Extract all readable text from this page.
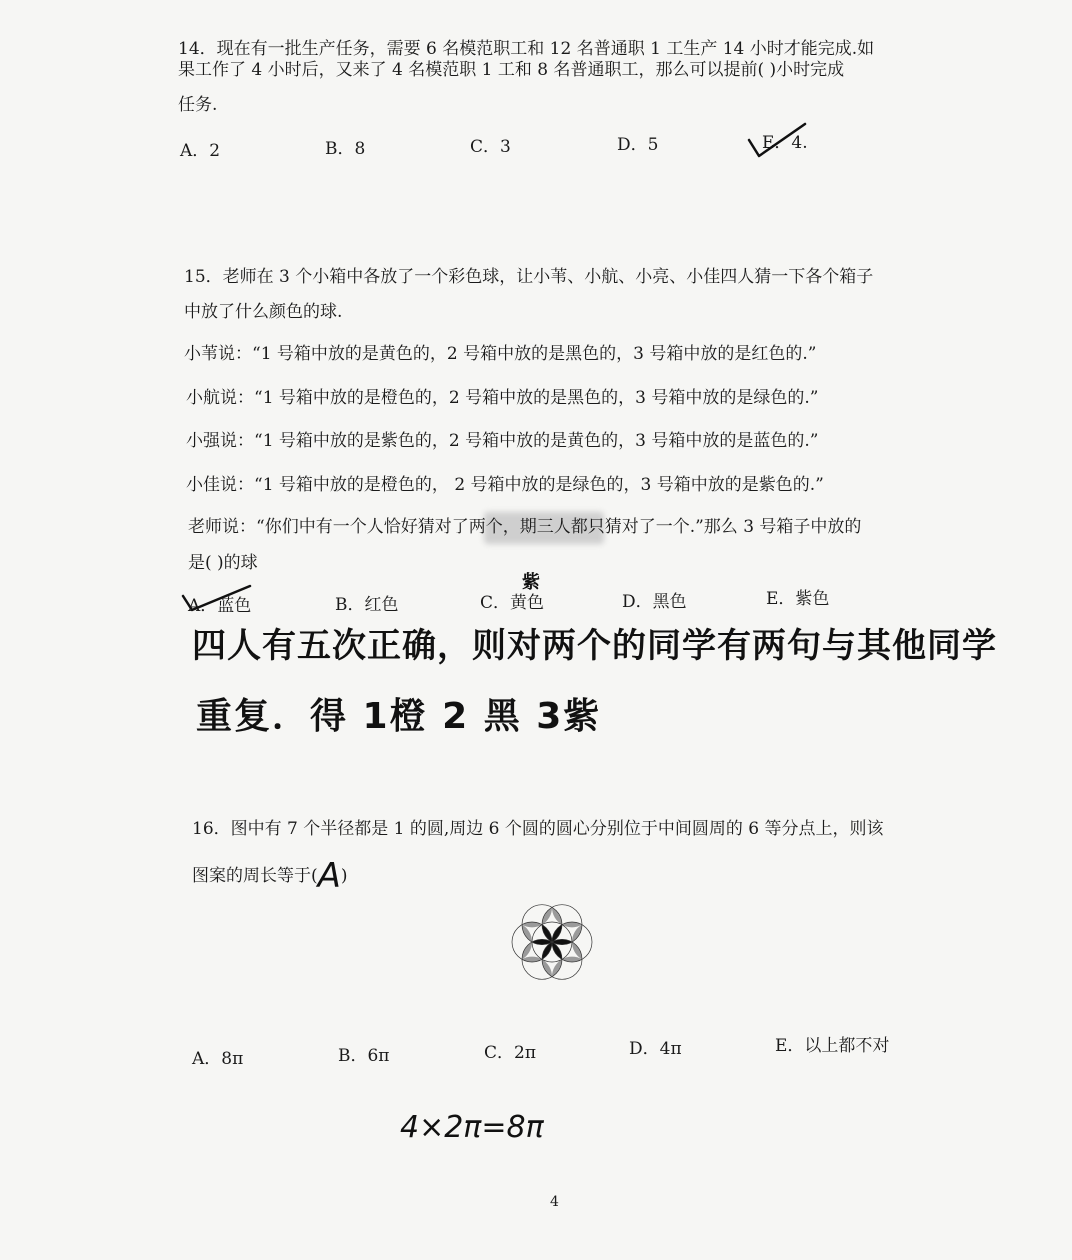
14．现在有一批生产任务，需要 6 名模范职工和 12 名普通职 1 工生产 14 小时才能完成.如
果工作了 4 小时后，又来了 4 名模范职 1 工和 8 名普通职工，那么可以提前( )小时完成
任务.
A．2	B．8	C．3	D．5	E．4.
15．老师在 3 个小箱中各放了一个彩色球，让小苇、小航、小亮、小佳四人猜一下各个箱子
中放了什么颜色的球.
小苇说：“1 号箱中放的是黄色的，2 号箱中放的是黑色的，3 号箱中放的是红色的.”
小航说：“1 号箱中放的是橙色的，2 号箱中放的是黑色的，3 号箱中放的是绿色的.”
小强说：“1 号箱中放的是紫色的，2 号箱中放的是黄色的，3 号箱中放的是蓝色的.”
小佳说：“1 号箱中放的是橙色的， 2 号箱中放的是绿色的，3 号箱中放的是紫色的.”
老师说：“你们中有一个人恰好猜对了两个，期三人都只猜对了一个.”那么 3 号箱子中放的
是( )的球
A．蓝色	B．红色	C．黄色
紫
D．黑色	E．紫色
四人有五次正确，则对两个的同学有两句与其他同学
重复．得 1橙 2 黑 3紫
16．图中有 7 个半径都是 1 的圆,周边 6 个圆的圆心分别位于中间圆周的 6 等分点上，则该
图案的周长等于(A)
A．8π	B．6π	C．2π	D．4π	E．以上都不对
4×2π=8π
4
